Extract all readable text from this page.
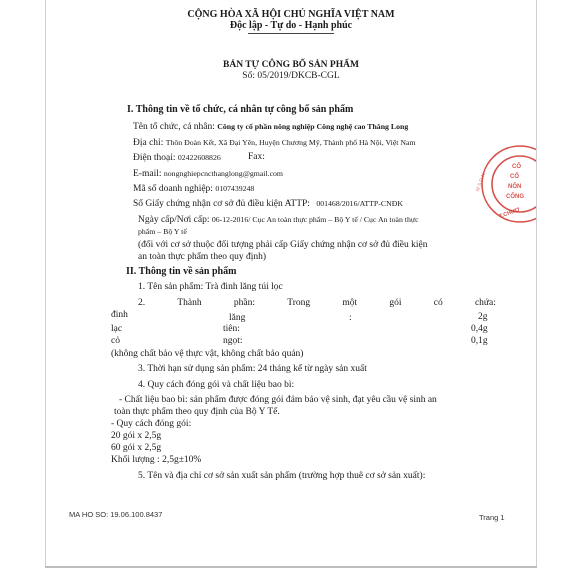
CỘNG HÒA XÃ HỘI CHỦ NGHĨA VIỆT NAM
Độc lập - Tự do - Hạnh phúc
BẢN TỰ CÔNG BỐ SẢN PHẨM
Số: 05/2019/DKCB-CGL
I. Thông tin về tổ chức, cá nhân tự công bố sản phẩm
Tên tổ chức, cá nhân: Công ty cổ phần nông nghiệp Công nghệ cao Thăng Long
Địa chỉ: Thôn Đoàn Kết, Xã Đại Yên, Huyện Chương Mỹ, Thành phố Hà Nội, Việt Nam
Điện thoại: 02422608826	Fax:
E-mail: nongnghiepcncthanglong@gmail.com
Mã số doanh nghiệp: 0107439248
Số Giấy chứng nhận cơ sở đủ điều kiện ATTP: 001468/2016/ATTP-CNĐK
Ngày cấp/Nơi cấp: 06-12-2016/ Cục An toàn thực phẩm – Bộ Y tế / Cục An toàn thực
phẩm – Bộ Y tế
(đối với cơ sở thuộc đối tượng phải cấp Giấy chứng nhận cơ sở đủ điều kiện
an toàn thực phẩm theo quy định)
II. Thông tin về sản phẩm
1. Tên sản phẩm: Trà đinh lăng túi lọc
2.	Thành	phần:	Trong	một	gói	có	chứa:
đinh	lăng	:	2g
lạc	tiên:	0,4g
cỏ	ngọt:	0,1g
(không chất bảo vệ thực vật, không chất bảo quản)
3. Thời hạn sử dụng sản phẩm: 24 tháng kể từ ngày sản xuất
4. Quy cách đóng gói và chất liệu bao bì:
- Chất liệu bao bì: sản phẩm được đóng gói đảm bảo vệ sinh, đạt yêu cầu vệ sinh an
toàn thực phẩm theo quy định của Bộ Y Tế.
- Quy cách đóng gói:
20 gói x 2,5g
60 gói x 2,5g
Khối lượng : 2,5g±10%
5. Tên và địa chỉ cơ sở sản xuất sản phẩm (trường hợp thuê cơ sở sản xuất):
MA HO SO: 19.06.100.8437	Trang 1
CÔ
CỔ
NÔN
CÔNG
T.CHƯƠ
M.S.D.N
